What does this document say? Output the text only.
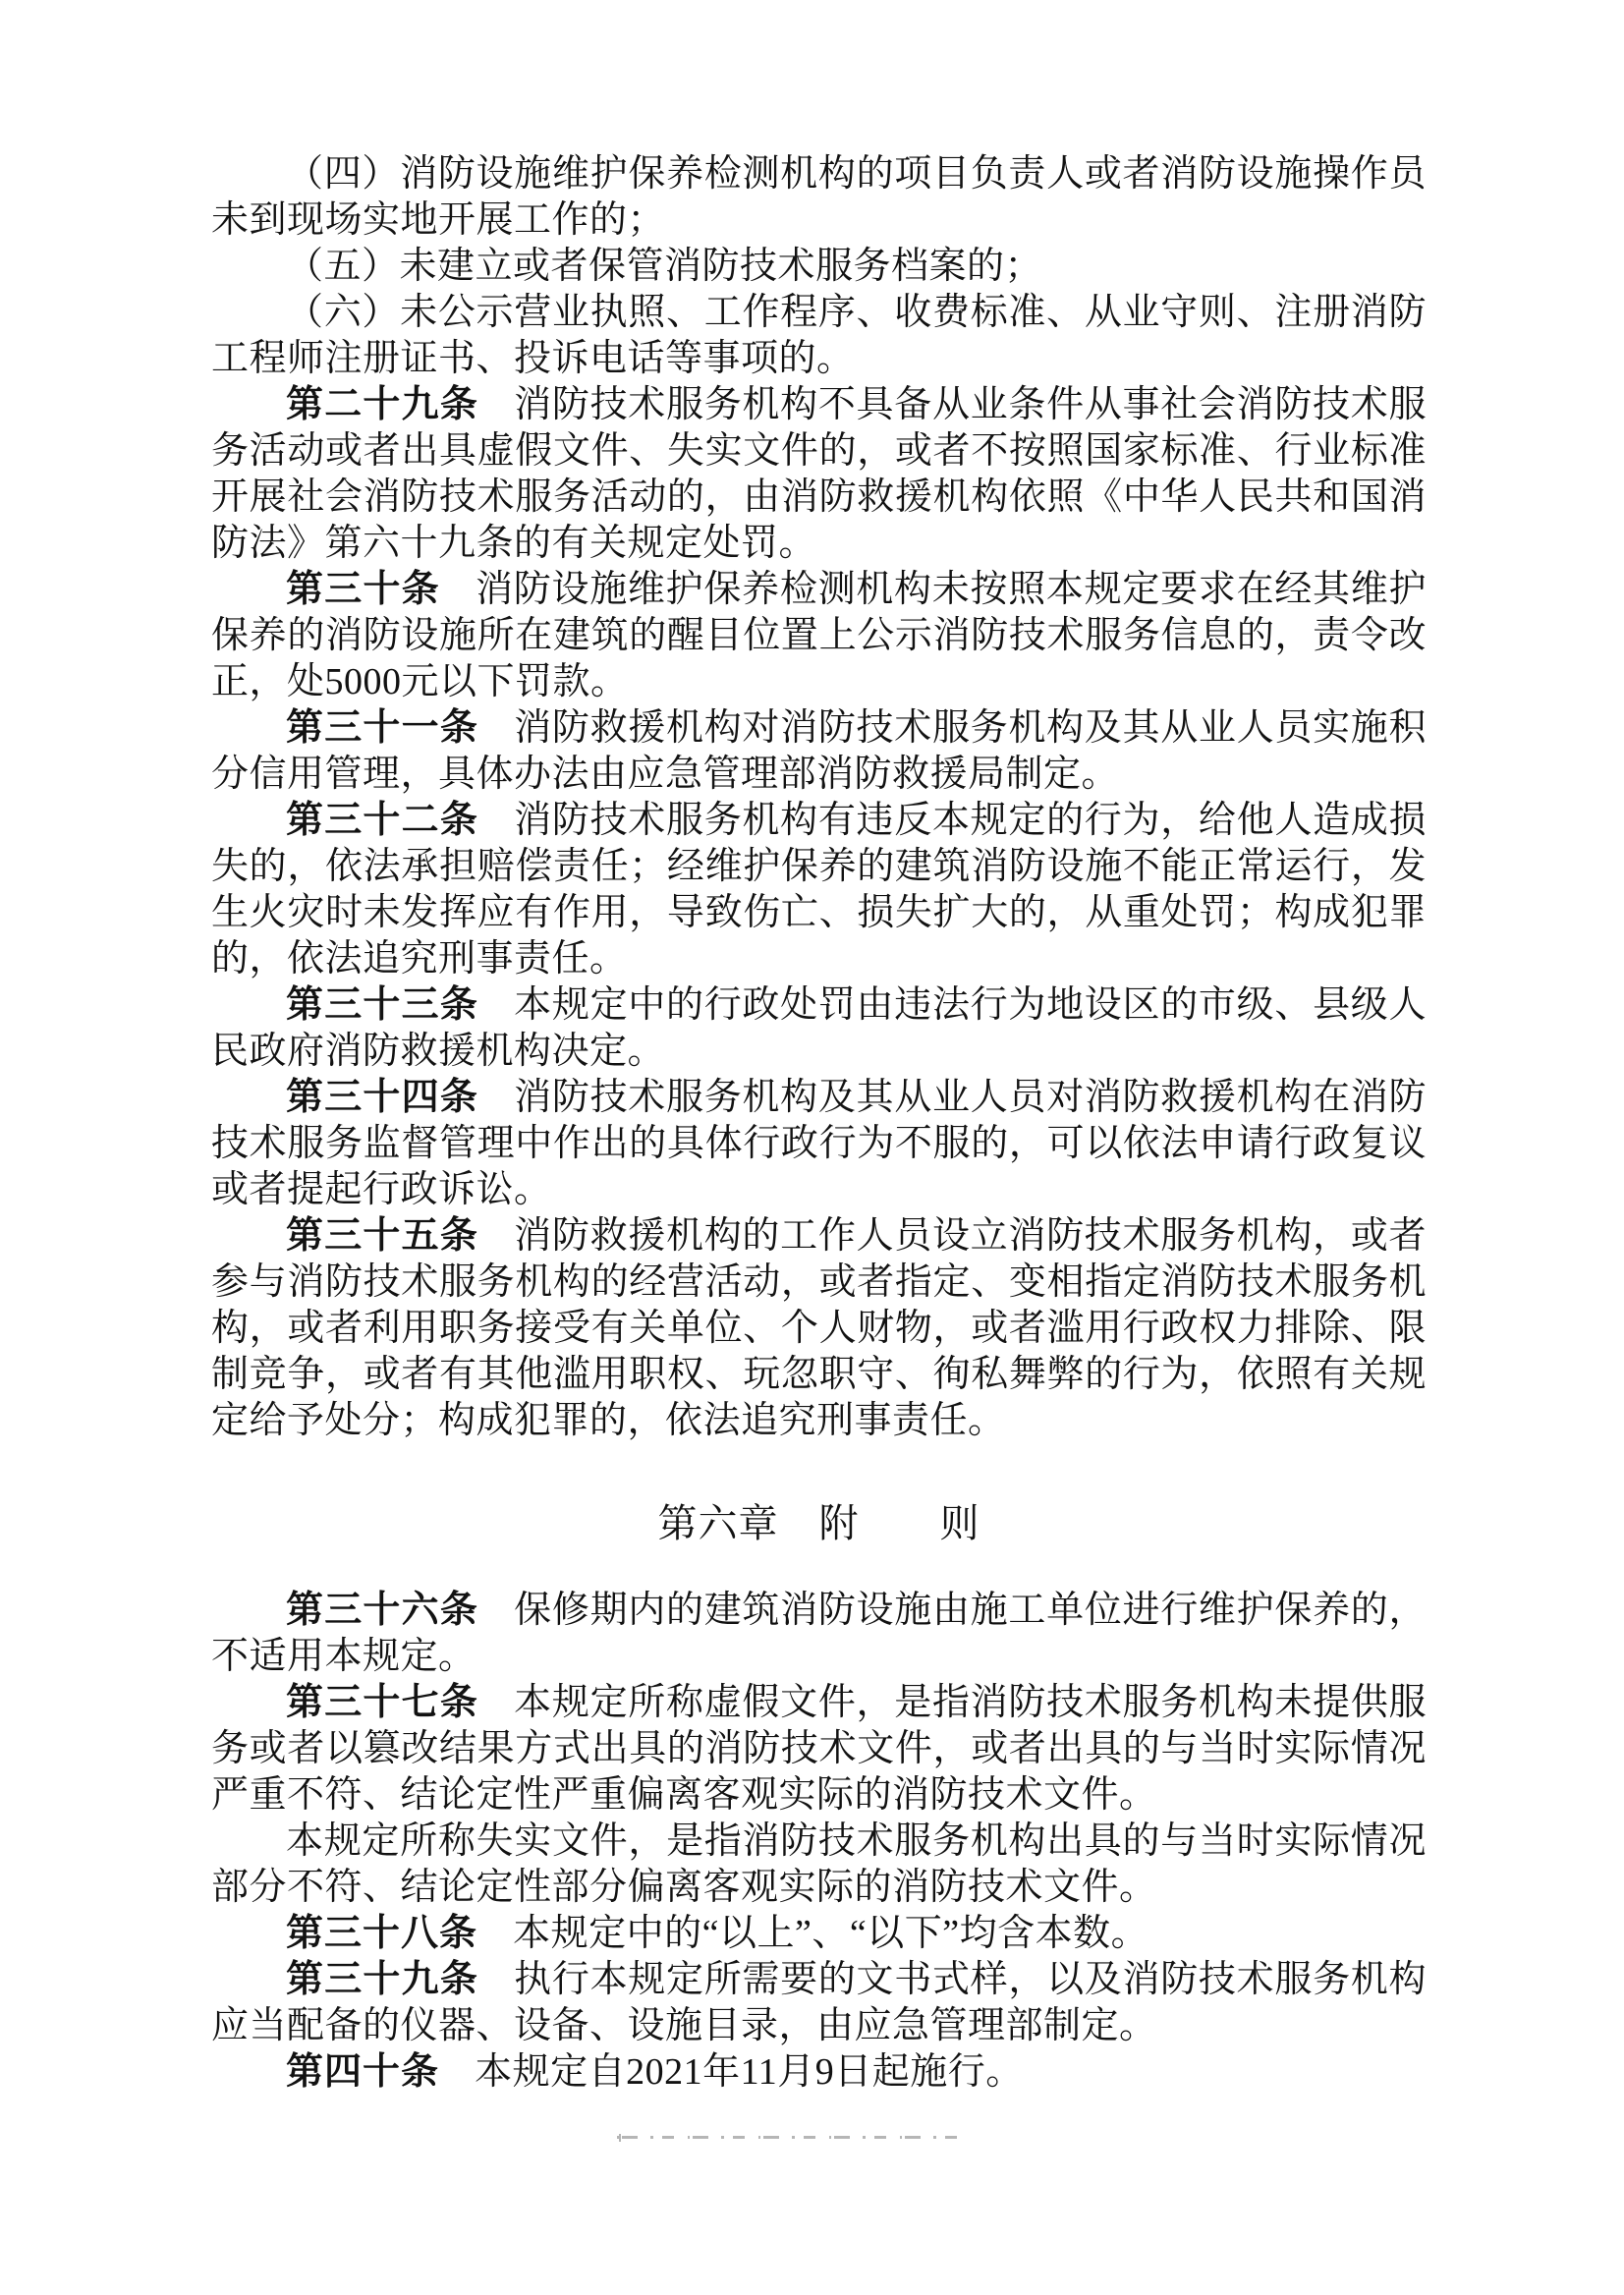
（四）消防设施维护保养检测机构的项目负责人或者消防设施操作员未到现场实地开展工作的；

（五）未建立或者保管消防技术服务档案的；

（六）未公示营业执照、工作程序、收费标准、从业守则、注册消防工程师注册证书、投诉电话等事项的。

第二十九条 消防技术服务机构不具备从业条件从事社会消防技术服务活动或者出具虚假文件、失实文件的，或者不按照国家标准、行业标准开展社会消防技术服务活动的，由消防救援机构依照《中华人民共和国消防法》第六十九条的有关规定处罚。

第三十条 消防设施维护保养检测机构未按照本规定要求在经其维护保养的消防设施所在建筑的醒目位置上公示消防技术服务信息的，责令改正，处5000元以下罚款。

第三十一条 消防救援机构对消防技术服务机构及其从业人员实施积分信用管理，具体办法由应急管理部消防救援局制定。

第三十二条 消防技术服务机构有违反本规定的行为，给他人造成损失的，依法承担赔偿责任；经维护保养的建筑消防设施不能正常运行，发生火灾时未发挥应有作用，导致伤亡、损失扩大的，从重处罚；构成犯罪的，依法追究刑事责任。

第三十三条 本规定中的行政处罚由违法行为地设区的市级、县级人民政府消防救援机构决定。

第三十四条 消防技术服务机构及其从业人员对消防救援机构在消防技术服务监督管理中作出的具体行政行为不服的，可以依法申请行政复议或者提起行政诉讼。

第三十五条 消防救援机构的工作人员设立消防技术服务机构，或者参与消防技术服务机构的经营活动，或者指定、变相指定消防技术服务机构，或者利用职务接受有关单位、个人财物，或者滥用行政权力排除、限制竞争，或者有其他滥用职权、玩忽职守、徇私舞弊的行为，依照有关规定给予处分；构成犯罪的，依法追究刑事责任。

第六章　附　　则

第三十六条 保修期内的建筑消防设施由施工单位进行维护保养的，不适用本规定。

第三十七条 本规定所称虚假文件，是指消防技术服务机构未提供服务或者以篡改结果方式出具的消防技术文件，或者出具的与当时实际情况严重不符、结论定性严重偏离客观实际的消防技术文件。

本规定所称失实文件，是指消防技术服务机构出具的与当时实际情况部分不符、结论定性部分偏离客观实际的消防技术文件。

第三十八条 本规定中的“以上”、“以下”均含本数。

第三十九条 执行本规定所需要的文书式样，以及消防技术服务机构应当配备的仪器、设备、设施目录，由应急管理部制定。

第四十条 本规定自2021年11月9日起施行。
